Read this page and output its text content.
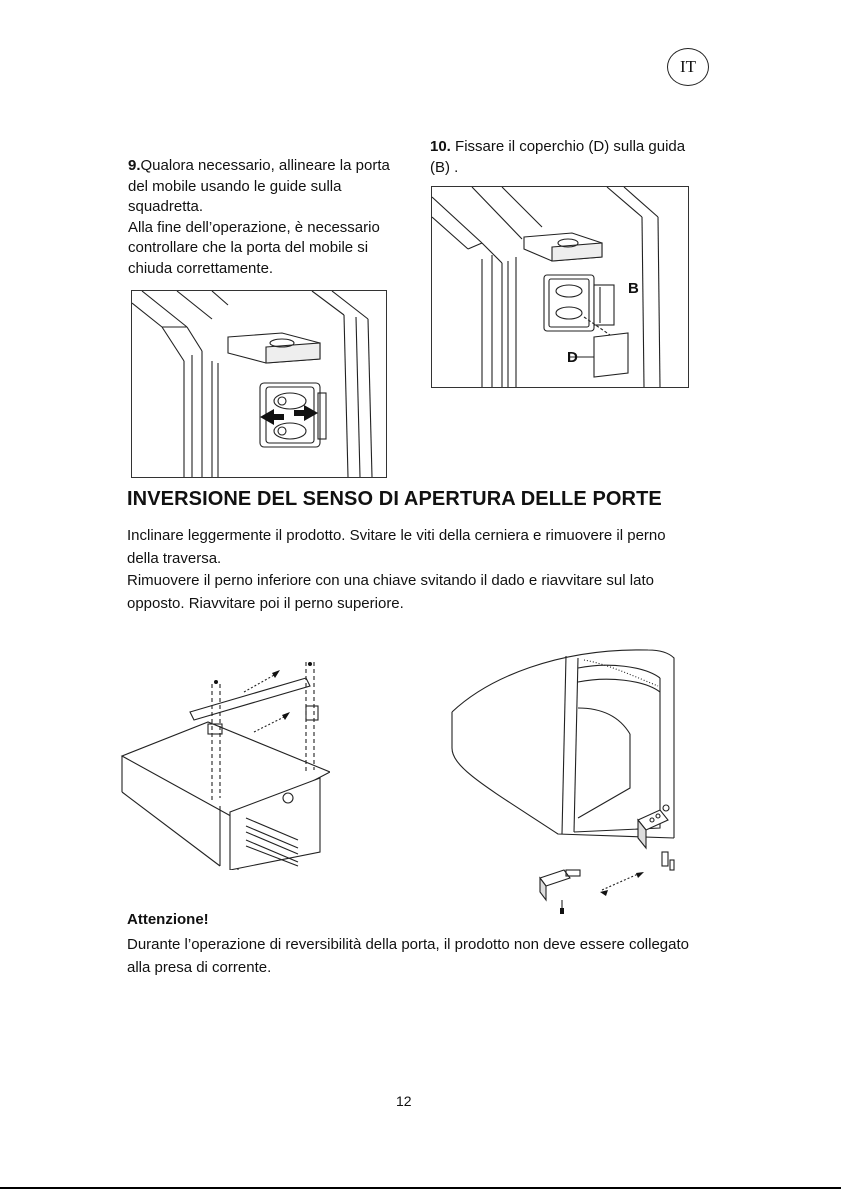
IT
9.Qualora necessario, allineare la porta
del mobile usando le guide sulla
squadretta.
Alla fine dell’operazione, è necessario
controllare che la porta del mobile si
chiuda correttamente.
10. Fissare il coperchio (D) sulla guida
(B) .
B
D
INVERSIONE DEL SENSO DI APERTURA DELLE PORTE
Inclinare leggermente il prodotto. Svitare le viti della cerniera e rimuovere il perno
della traversa.
Rimuovere il perno inferiore con una chiave svitando il dado e riavvitare sul lato
opposto. Riavvitare poi il perno superiore.
Attenzione!
Durante l’operazione di reversibilità della porta, il prodotto non deve essere collegato
alla presa di corrente.
12
